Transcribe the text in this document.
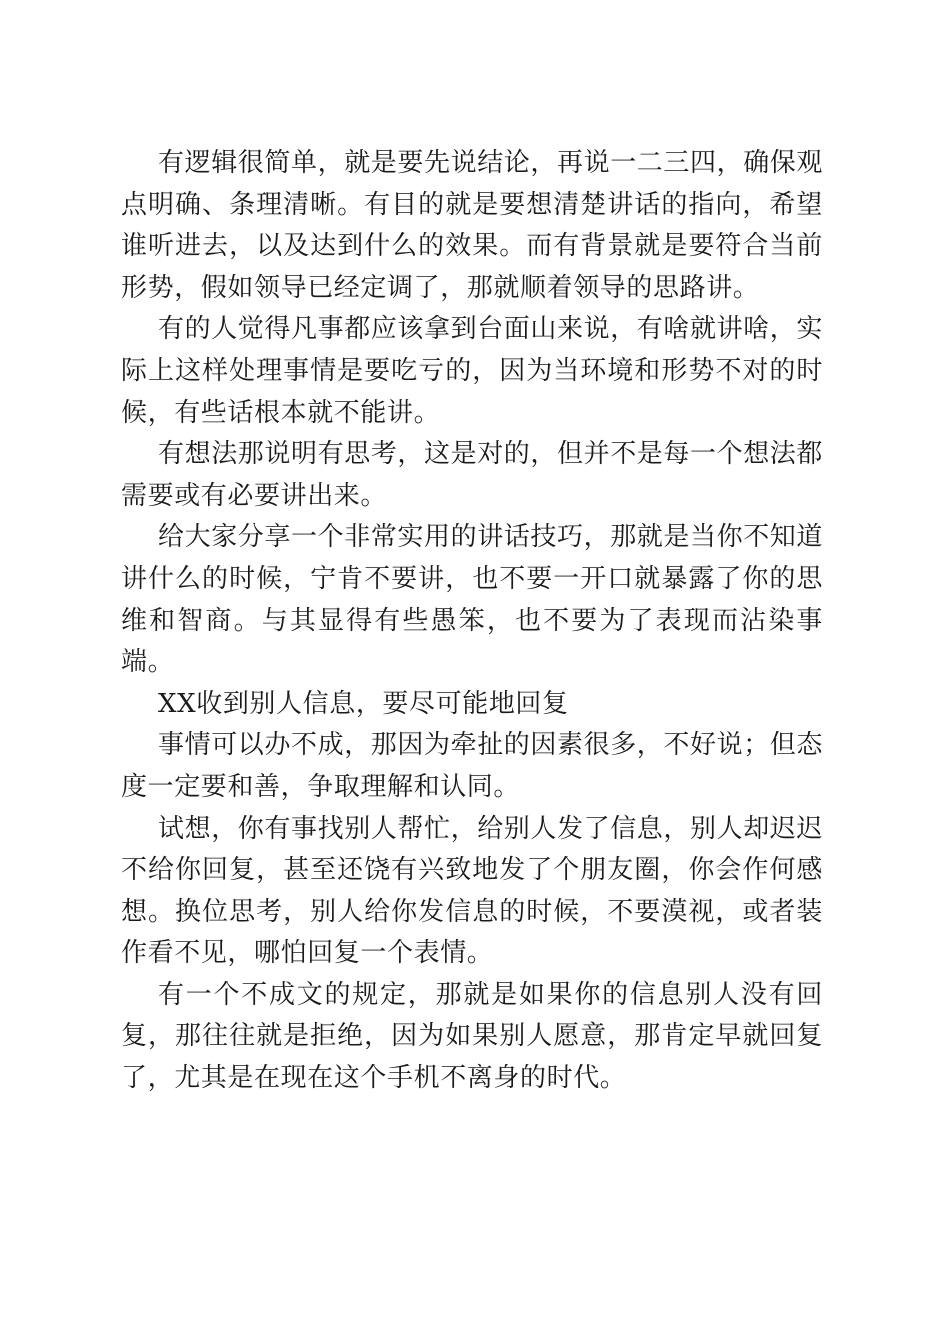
有逻辑很简单，就是要先说结论，再说一二三四，确保观点明确、条理清晰。有目的就是要想清楚讲话的指向，希望谁听进去，以及达到什么的效果。而有背景就是要符合当前形势，假如领导已经定调了，那就顺着领导的思路讲。

有的人觉得凡事都应该拿到台面山来说，有啥就讲啥，实际上这样处理事情是要吃亏的，因为当环境和形势不对的时候，有些话根本就不能讲。

有想法那说明有思考，这是对的，但并不是每一个想法都需要或有必要讲出来。

给大家分享一个非常实用的讲话技巧，那就是当你不知道讲什么的时候，宁肯不要讲，也不要一开口就暴露了你的思维和智商。与其显得有些愚笨，也不要为了表现而沾染事端。

XX收到别人信息，要尽可能地回复

事情可以办不成，那因为牵扯的因素很多，不好说；但态度一定要和善，争取理解和认同。

试想，你有事找别人帮忙，给别人发了信息，别人却迟迟不给你回复，甚至还饶有兴致地发了个朋友圈，你会作何感想。换位思考，别人给你发信息的时候，不要漠视，或者装作看不见，哪怕回复一个表情。

有一个不成文的规定，那就是如果你的信息别人没有回复，那往往就是拒绝，因为如果别人愿意，那肯定早就回复了，尤其是在现在这个手机不离身的时代。
